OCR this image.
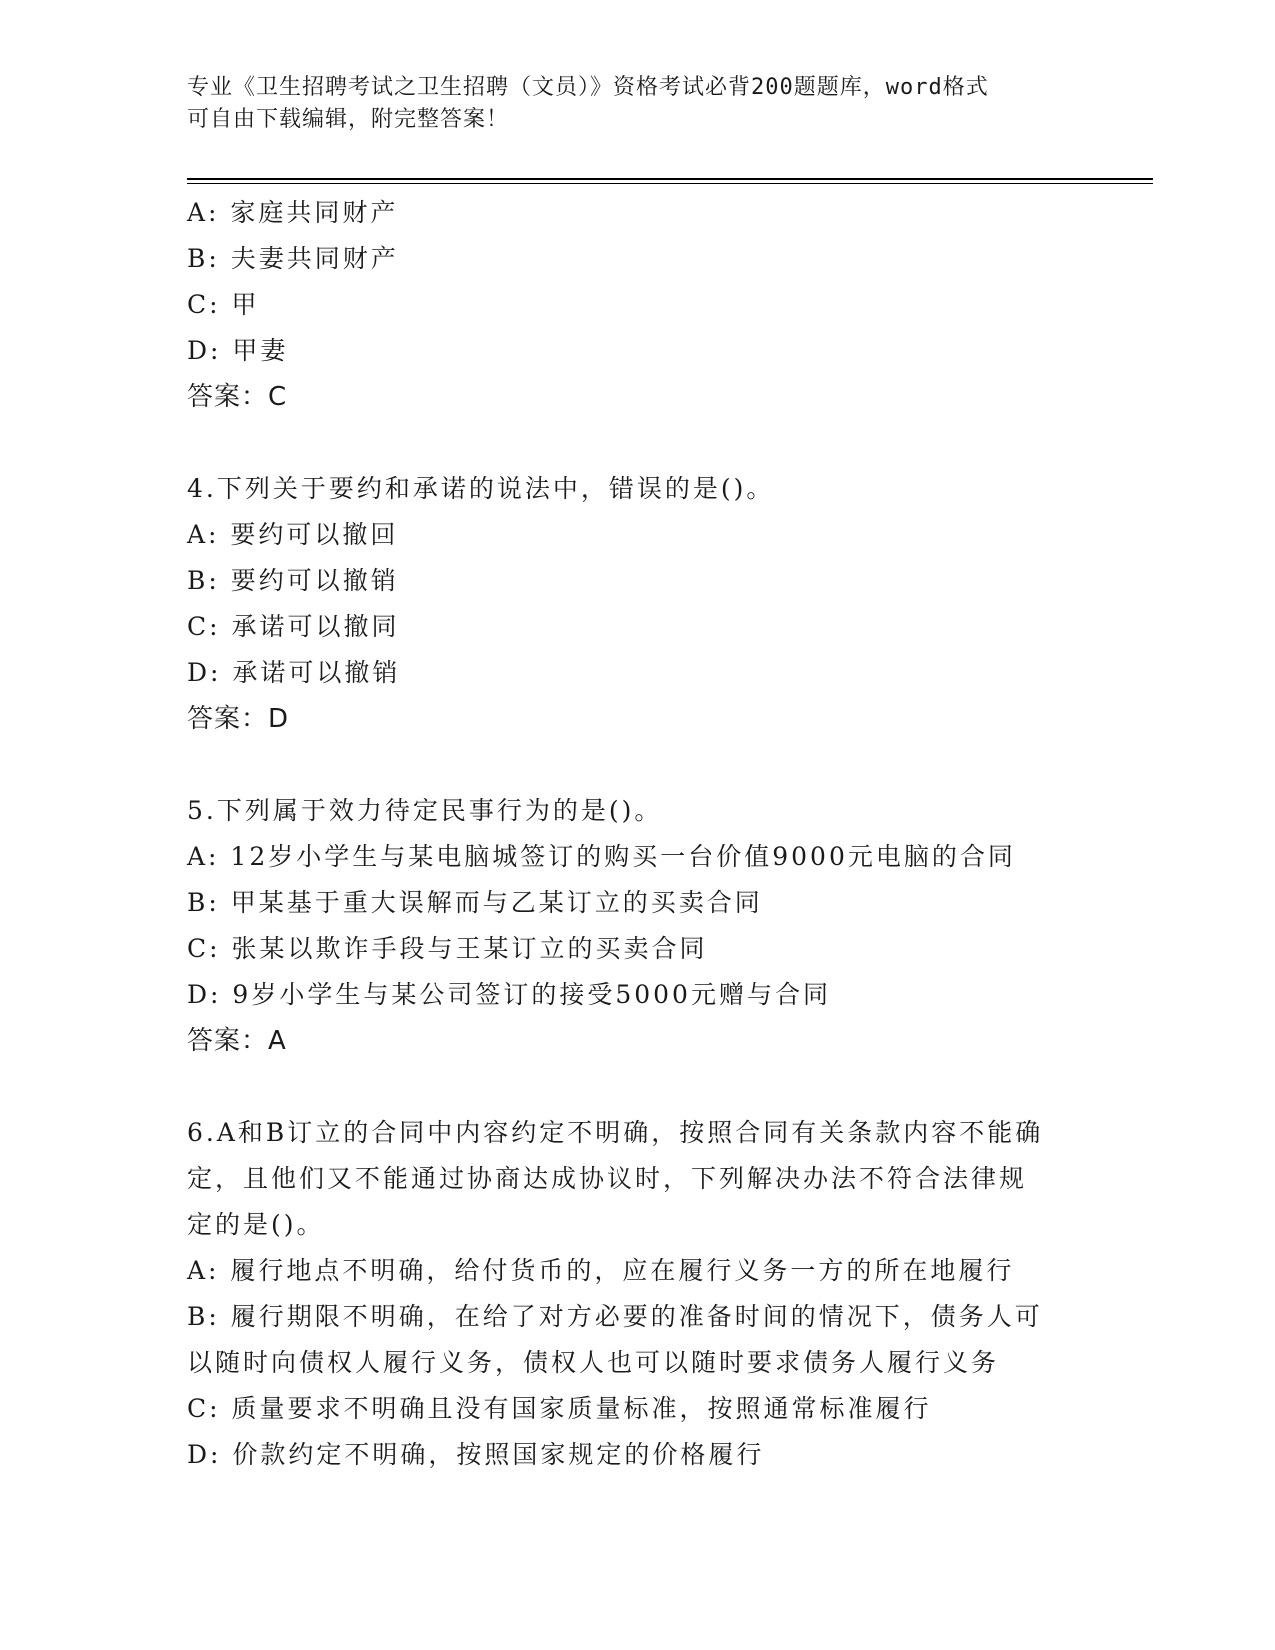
专业《卫生招聘考试之卫生招聘（文员）》资格考试必背200题题库，word格式
可自由下载编辑，附完整答案！
A: 家庭共同财产
B: 夫妻共同财产
C: 甲
D: 甲妻
答案：C
4.下列关于要约和承诺的说法中，错误的是()。
A: 要约可以撤回
B: 要约可以撤销
C: 承诺可以撤同
D: 承诺可以撤销
答案：D
5.下列属于效力待定民事行为的是()。
A: 12岁小学生与某电脑城签订的购买一台价值9000元电脑的合同
B: 甲某基于重大误解而与乙某订立的买卖合同
C: 张某以欺诈手段与王某订立的买卖合同
D: 9岁小学生与某公司签订的接受5000元赠与合同
答案：A
6.A和B订立的合同中内容约定不明确，按照合同有关条款内容不能确
定，且他们又不能通过协商达成协议时，下列解决办法不符合法律规
定的是()。
A: 履行地点不明确，给付货币的，应在履行义务一方的所在地履行
B: 履行期限不明确，在给了对方必要的准备时间的情况下，债务人可
以随时向债权人履行义务，债权人也可以随时要求债务人履行义务
C: 质量要求不明确且没有国家质量标准，按照通常标准履行
D: 价款约定不明确，按照国家规定的价格履行
